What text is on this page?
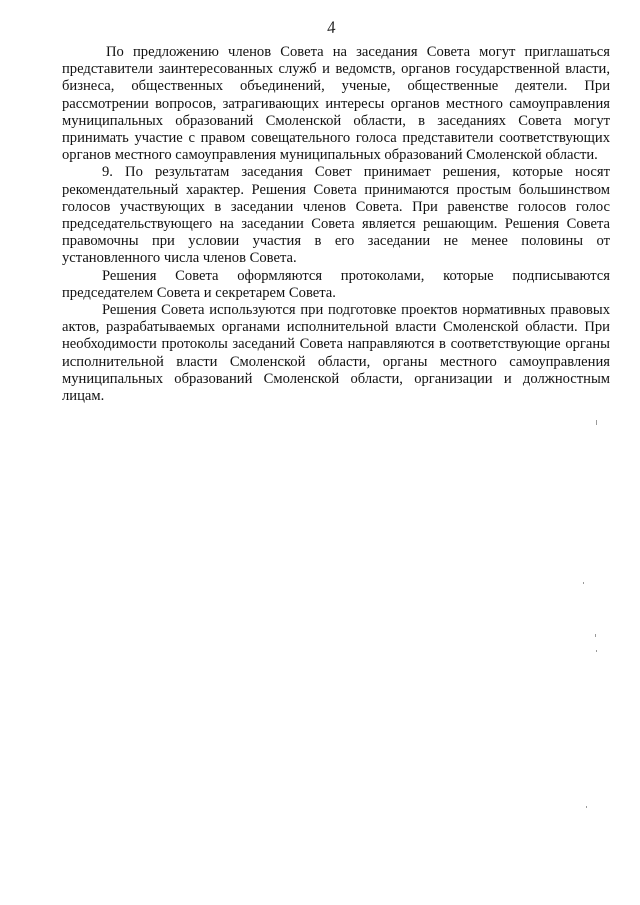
4

По предложению членов Совета на заседания Совета могут приглашаться представители заинтересованных служб и ведомств, органов государственной власти, бизнеса, общественных объединений, ученые, общественные деятели. При рассмотрении вопросов, затрагивающих интересы органов местного самоуправления муниципальных образований Смоленской области, в заседаниях Совета могут принимать участие с правом совещательного голоса представители соответствующих органов местного самоуправления муниципальных образований Смоленской области.

9. По результатам заседания Совет принимает решения, которые носят рекомендательный характер. Решения Совета принимаются простым большинством голосов участвующих в заседании членов Совета. При равенстве голосов голос председательствующего на заседании Совета является решающим. Решения Совета правомочны при условии участия в его заседании не менее половины от установленного числа членов Совета.

Решения Совета оформляются протоколами, которые подписываются председателем Совета и секретарем Совета.

Решения Совета используются при подготовке проектов нормативных правовых актов, разрабатываемых органами исполнительной власти Смоленской области. При необходимости протоколы заседаний Совета направляются в соответствующие органы исполнительной власти Смоленской области, органы местного самоуправления муниципальных образований Смоленской области, организации и должностным лицам.
